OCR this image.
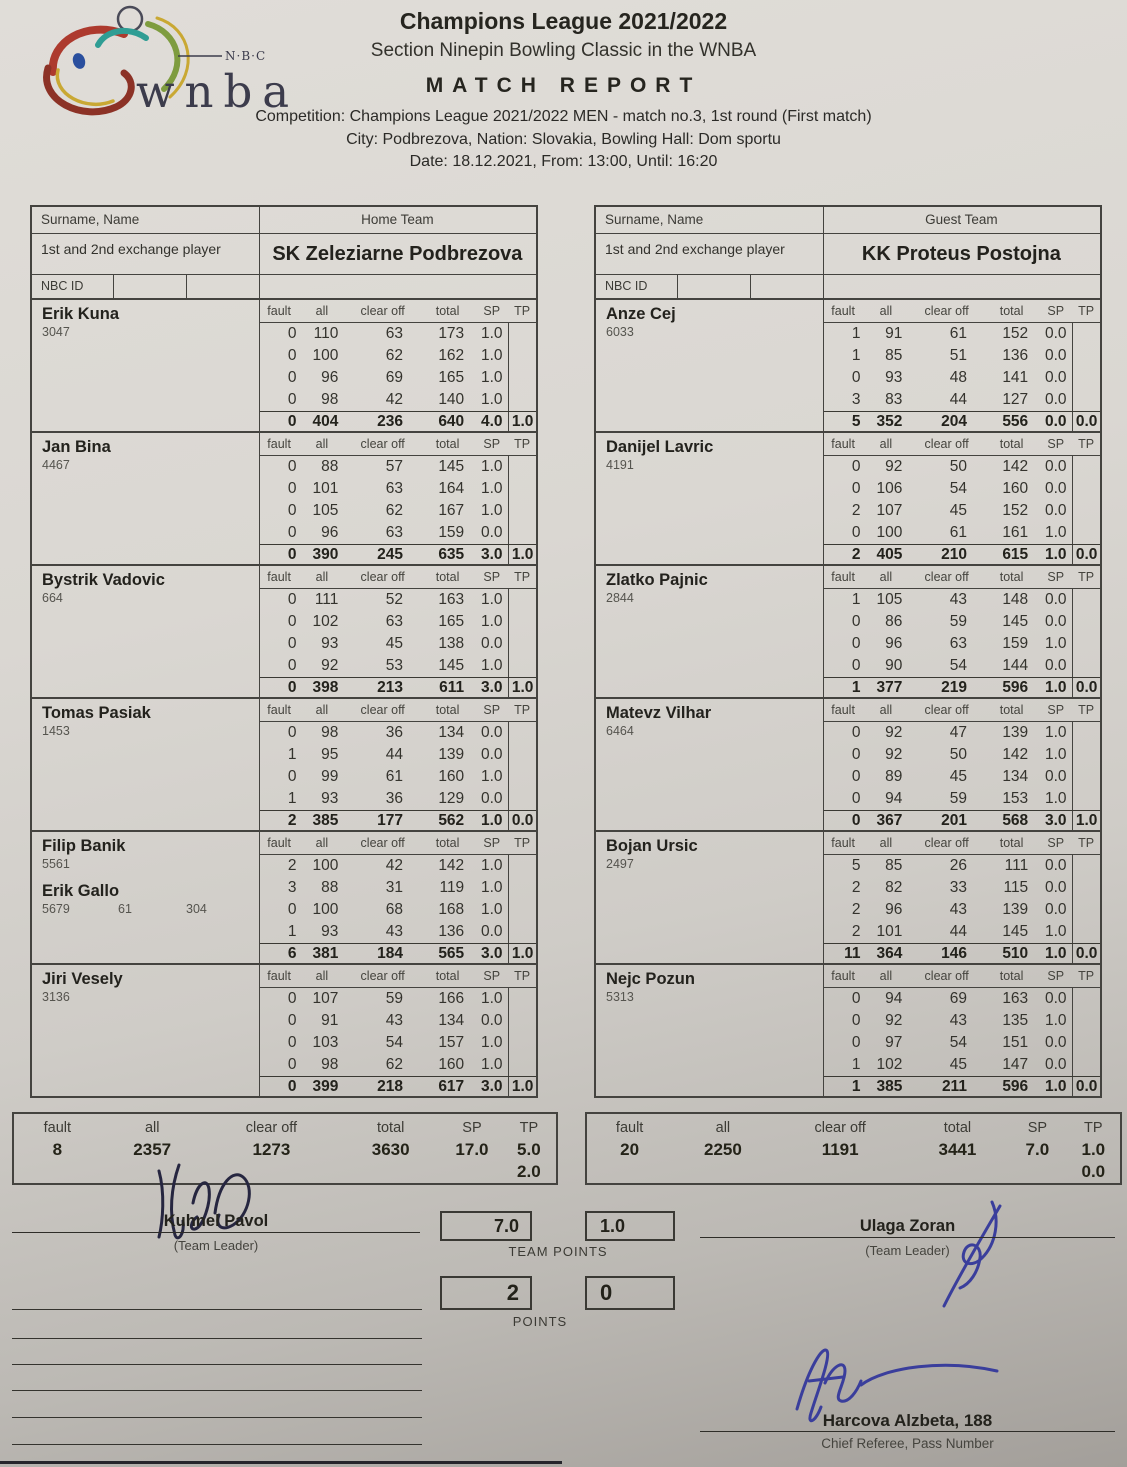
wnba
N·B·C
Champions League 2021/2022
Section Ninepin Bowling Classic in the WNBA
MATCH REPORT
Competition: Champions League 2021/2022 MEN - match no.3, 1st round (First match)
City: Podbrezova, Nation: Slovakia, Bowling Hall: Dom sportu
Date: 18.12.2021, From: 13:00, Until: 16:20
Surname, Name	Home Team
1st and 2nd exchange player	SK Zeleziarne Podbrezova
NBC ID
Erik Kuna
3047
fault	all	clear off	total	SP	TP
0	110	63	173	1.0
0	100	62	162	1.0
0	96	69	165	1.0
0	98	42	140	1.0
0	404	236	640	4.0 1.0
Jan Bina
4467
fault	all	clear off	total	SP	TP
0	88	57	145	1.0
0	101	63	164	1.0
0	105	62	167	1.0
0	96	63	159	0.0
0	390	245	635	3.0 1.0
Bystrik Vadovic
664
fault	all	clear off	total	SP	TP
0	111	52	163	1.0
0	102	63	165	1.0
0	93	45	138	0.0
0	92	53	145	1.0
0	398	213	611	3.0 1.0
Tomas Pasiak
1453
fault	all	clear off	total	SP	TP
0	98	36	134	0.0
1	95	44	139	0.0
0	99	61	160	1.0
1	93	36	129	0.0
2	385	177	562	1.0 0.0
Filip Banik
5561
Erik Gallo
5679	61	304
fault	all	clear off	total	SP	TP
2	100	42	142	1.0
3	88	31	119	1.0
0	100	68	168	1.0
1	93	43	136	0.0
6	381	184	565	3.0 1.0
Jiri Vesely
3136
fault	all	clear off	total	SP	TP
0	107	59	166	1.0
0	91	43	134	0.0
0	103	54	157	1.0
0	98	62	160	1.0
0	399	218	617	3.0 1.0
Surname, Name	Guest Team
1st and 2nd exchange player	KK Proteus Postojna
NBC ID
Anze Cej
6033
fault	all	clear off	total	SP	TP
1	91	61	152	0.0
1	85	51	136	0.0
0	93	48	141	0.0
3	83	44	127	0.0
5	352	204	556	0.0 0.0
Danijel Lavric
4191
fault	all	clear off	total	SP	TP
0	92	50	142	0.0
0	106	54	160	0.0
2	107	45	152	0.0
0	100	61	161	1.0
2	405	210	615	1.0 0.0
Zlatko Pajnic
2844
fault	all	clear off	total	SP	TP
1	105	43	148	0.0
0	86	59	145	0.0
0	96	63	159	1.0
0	90	54	144	0.0
1	377	219	596	1.0 0.0
Matevz Vilhar
6464
fault	all	clear off	total	SP	TP
0	92	47	139	1.0
0	92	50	142	1.0
0	89	45	134	0.0
0	94	59	153	1.0
0	367	201	568	3.0 1.0
Bojan Ursic
2497
fault	all	clear off	total	SP	TP
5	85	26	111	0.0
2	82	33	115	0.0
2	96	43	139	0.0
2	101	44	145	1.0
11	364	146	510	1.0 0.0
Nejc Pozun
5313
fault	all	clear off	total	SP	TP
0	94	69	163	0.0
0	92	43	135	1.0
0	97	54	151	0.0
1	102	45	147	0.0
1	385	211	596	1.0 0.0
fault	all	clear off	total	SP	TP
8	2357	1273	3630	17.0	5.0
2.0
fault	all	clear off	total	SP	TP
20	2250	1191	3441	7.0	1.0
0.0
Kuhnel Pavol
(Team Leader)
7.0	1.0
TEAM POINTS
2	0
POINTS
Ulaga Zoran
(Team Leader)
Harcova Alzbeta, 188
Chief Referee, Pass Number
